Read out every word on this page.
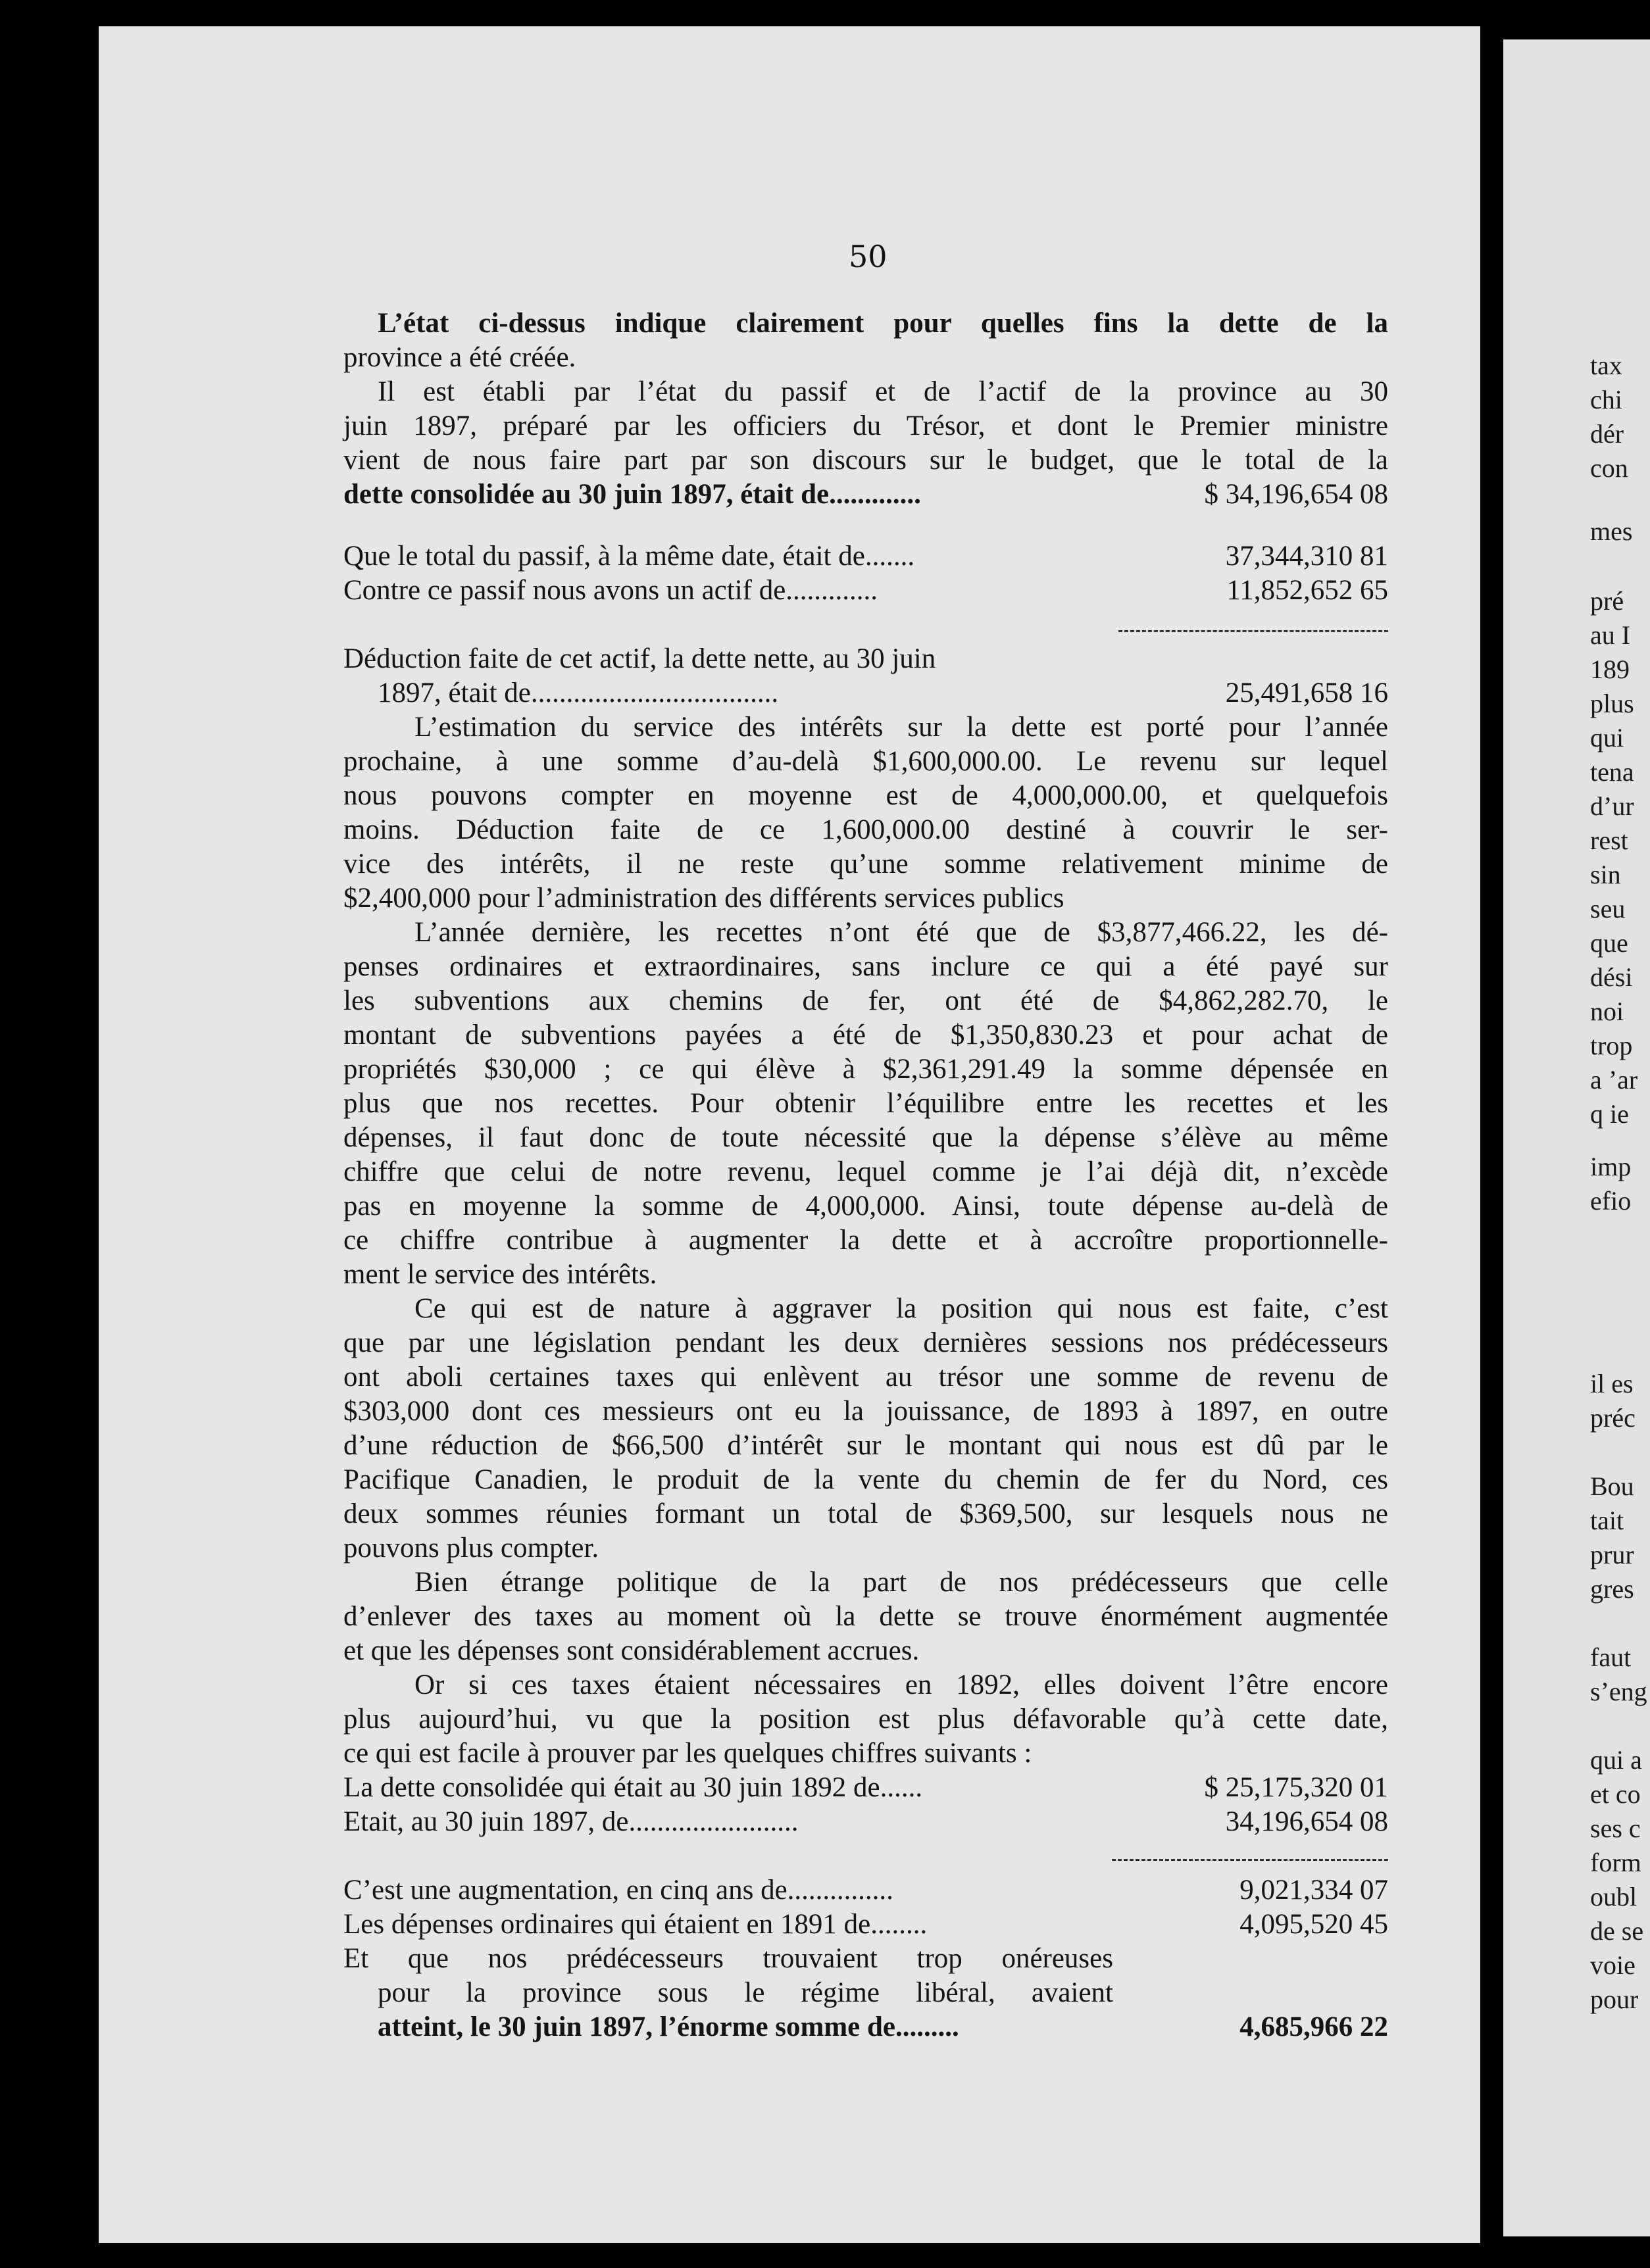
50
L’état ci-dessus indique clairement pour quelles fins la dette de la
province a été créée.
Il est établi par l’état du passif et de l’actif de la province au 30
juin 1897, préparé par les officiers du Trésor, et dont le Premier ministre
vient de nous faire part par son discours sur le budget, que le total de la
dette consolidée au 30 juin 1897, était de.............	$ 34,196,654 08
Que le total du passif, à la même date, était de.......	37,344,310 81
Contre ce passif nous avons un actif de.............	11,852,652 65
Déduction faite de cet actif, la dette nette, au 30 juin
1897, était de...................................	25,491,658 16
L’estimation du service des intérêts sur la dette est porté pour l’année
prochaine, à une somme d’au-delà $1,600,000.00. Le revenu sur lequel
nous pouvons compter en moyenne est de 4,000,000.00, et quelquefois
moins. Déduction faite de ce 1,600,000.00 destiné à couvrir le ser-
vice des intérêts, il ne reste qu’une somme relativement minime de
$2,400,000 pour l’administration des différents services publics
L’année dernière, les recettes n’ont été que de $3,877,466.22, les dé-
penses ordinaires et extraordinaires, sans inclure ce qui a été payé sur
les subventions aux chemins de fer, ont été de $4,862,282.70, le
montant de subventions payées a été de $1,350,830.23 et pour achat de
propriétés $30,000 ; ce qui élève à $2,361,291.49 la somme dépensée en
plus que nos recettes. Pour obtenir l’équilibre entre les recettes et les
dépenses, il faut donc de toute nécessité que la dépense s’élève au même
chiffre que celui de notre revenu, lequel comme je l’ai déjà dit, n’excède
pas en moyenne la somme de 4,000,000. Ainsi, toute dépense au-delà de
ce chiffre contribue à augmenter la dette et à accroître proportionnelle-
ment le service des intérêts.
Ce qui est de nature à aggraver la position qui nous est faite, c’est
que par une législation pendant les deux dernières sessions nos prédécesseurs
ont aboli certaines taxes qui enlèvent au trésor une somme de revenu de
$303,000 dont ces messieurs ont eu la jouissance, de 1893 à 1897, en outre
d’une réduction de $66,500 d’intérêt sur le montant qui nous est dû par le
Pacifique Canadien, le produit de la vente du chemin de fer du Nord, ces
deux sommes réunies formant un total de $369,500, sur lesquels nous ne
pouvons plus compter.
Bien étrange politique de la part de nos prédécesseurs que celle
d’enlever des taxes au moment où la dette se trouve énormément augmentée
et que les dépenses sont considérablement accrues.
Or si ces taxes étaient nécessaires en 1892, elles doivent l’être encore
plus aujourd’hui, vu que la position est plus défavorable qu’à cette date,
ce qui est facile à prouver par les quelques chiffres suivants :
La dette consolidée qui était au 30 juin 1892 de......	$ 25,175,320 01
Etait, au 30 juin 1897, de........................	34,196,654 08
C’est une augmentation, en cinq ans de...............	9,021,334 07
Les dépenses ordinaires qui étaient en 1891 de........	4,095,520 45
Et que nos prédécesseurs trouvaient trop onéreuses
pour la province sous le régime libéral, avaient
atteint, le 30 juin 1897, l’énorme somme de.........	4,685,966 22
tax
chi
dér
con
mes
pré
au I
189
plus
qui
tena
d’ur
rest
sin
seu
que
dési
noi
trop
a ’ar
q ie
imp
efio
il es
préc
Bou
tait
prur
gres
faut
s’eng
qui a
et co
ses c
form
oubl
de se
voie
pour
